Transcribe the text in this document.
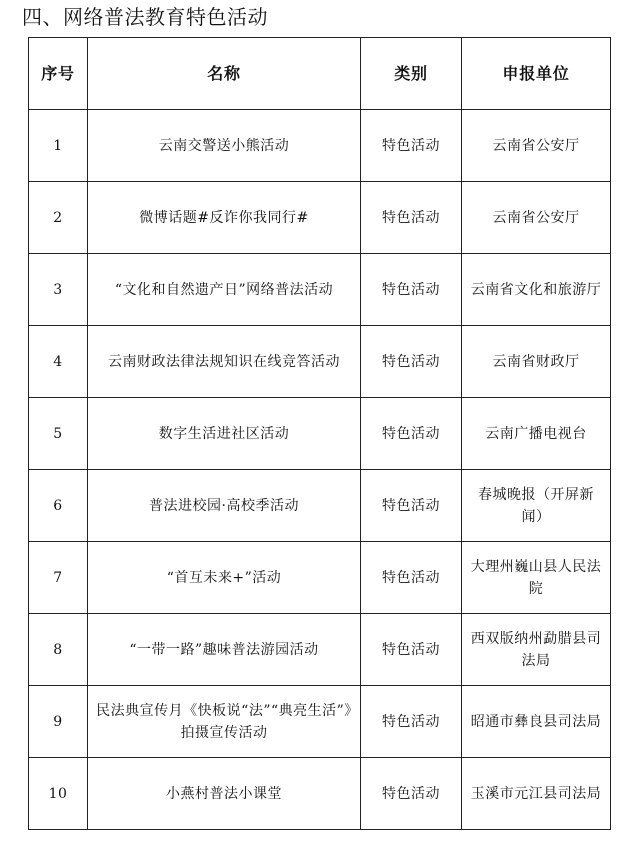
四、网络普法教育特色活动
序号	名称	类别	申报单位
1	云南交警送小熊活动	特色活动	云南省公安厅
2	微博话题#反诈你我同行#	特色活动	云南省公安厅
3	“文化和自然遗产日”网络普法活动	特色活动	云南省文化和旅游厅
4	云南财政法律法规知识在线竞答活动	特色活动	云南省财政厅
5	数字生活进社区活动	特色活动	云南广播电视台
6	普法进校园·高校季活动	特色活动	春城晚报（开屏新闻）
7	“首互未来+”活动	特色活动	大理州巍山县人民法院
8	“一带一路”趣味普法游园活动	特色活动	西双版纳州勐腊县司法局
9	民法典宣传月《快板说“法”“典亮生活”》拍摄宣传活动	特色活动	昭通市彝良县司法局
10	小燕村普法小课堂	特色活动	玉溪市元江县司法局
